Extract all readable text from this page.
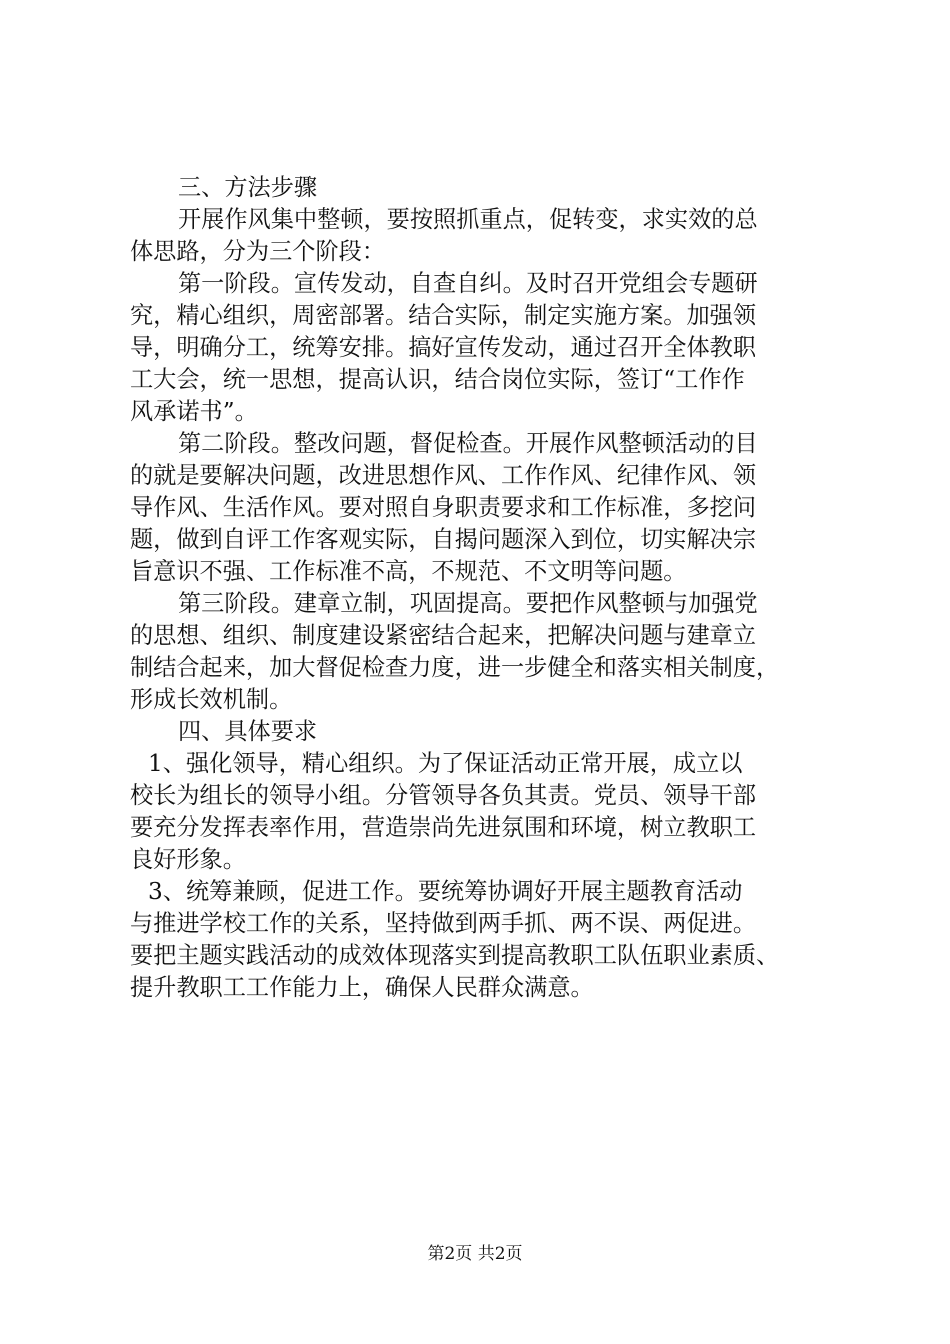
三、方法步骤
开展作风集中整顿，要按照抓重点，促转变，求实效的总
体思路，分为三个阶段：
第一阶段。宣传发动，自查自纠。及时召开党组会专题研
究，精心组织，周密部署。结合实际，制定实施方案。加强领
导，明确分工，统筹安排。搞好宣传发动，通过召开全体教职
工大会，统一思想，提高认识，结合岗位实际，签订“工作作
风承诺书”。
第二阶段。整改问题，督促检查。开展作风整顿活动的目
的就是要解决问题，改进思想作风、工作作风、纪律作风、领
导作风、生活作风。要对照自身职责要求和工作标准，多挖问
题，做到自评工作客观实际，自揭问题深入到位，切实解决宗
旨意识不强、工作标准不高，不规范、不文明等问题。
第三阶段。建章立制，巩固提高。要把作风整顿与加强党
的思想、组织、制度建设紧密结合起来，把解决问题与建章立
制结合起来，加大督促检查力度，进一步健全和落实相关制度，
形成长效机制。
四、具体要求
1、强化领导，精心组织。为了保证活动正常开展，成立以
校长为组长的领导小组。分管领导各负其责。党员、领导干部
要充分发挥表率作用，营造崇尚先进氛围和环境，树立教职工
良好形象。
3、统筹兼顾，促进工作。要统筹协调好开展主题教育活动
与推进学校工作的关系，坚持做到两手抓、两不误、两促进。
要把主题实践活动的成效体现落实到提高教职工队伍职业素质、
提升教职工工作能力上，确保人民群众满意。
第2页 共2页
